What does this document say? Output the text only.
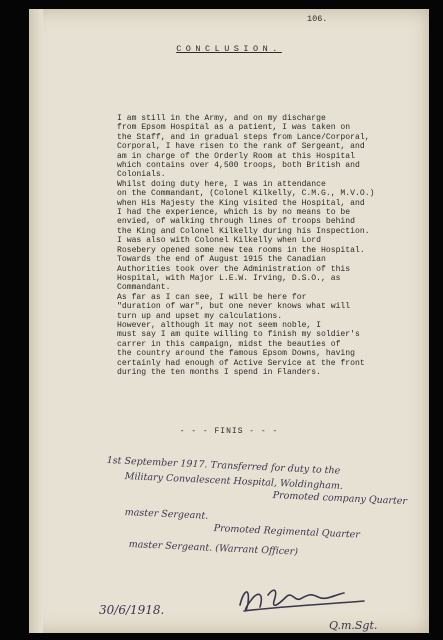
106.
CONCLUSION.
I am still in the Army, and on my discharge
from Epsom Hospital as a patient, I was taken on
the Staff, and in gradual steps from Lance/Corporal,
Corporal, I have risen to the rank of Sergeant, and
am in charge of the Orderly Room at this Hospital
which contains over 4,500 troops, both British and
Colonials.
Whilst doing duty here, I was in attendance
on the Commandant, (Colonel Kilkelly, C.M.G., M.V.O.)
when His Majesty the King visited the Hospital, and
I had the experience, which is by no means to be
envied, of walking through lines of troops behind
the King and Colonel Kilkelly during his Inspection.
I was also with Colonel Kilkelly when Lord
Rosebery opened some new tea rooms in the Hospital.
Towards the end of August 1915 the Canadian
Authorities took over the Administration of this
Hospital, with Major L.E.W. Irving, D.S.O., as
Commandant.
As far as I can see, I will be here for
"duration of war", but one never knows what will
turn up and upset my calculations.
However, although it may not seem noble, I
must say I am quite willing to finish my soldier's
carrer in this campaign, midst the beauties of
the country around the famous Epsom Downs, having
certainly had enough of Active Service at the front
during the ten months I spend in Flanders.
- - - FINIS - - -
1st September 1917. Transferred for duty to the
Military Convalescent Hospital, Woldingham.
Promoted company Quarter
master Sergeant.
Promoted Regimental Quarter
master Sergeant. (Warrant Officer)
30/6/1918.
Q.m.Sgt.
